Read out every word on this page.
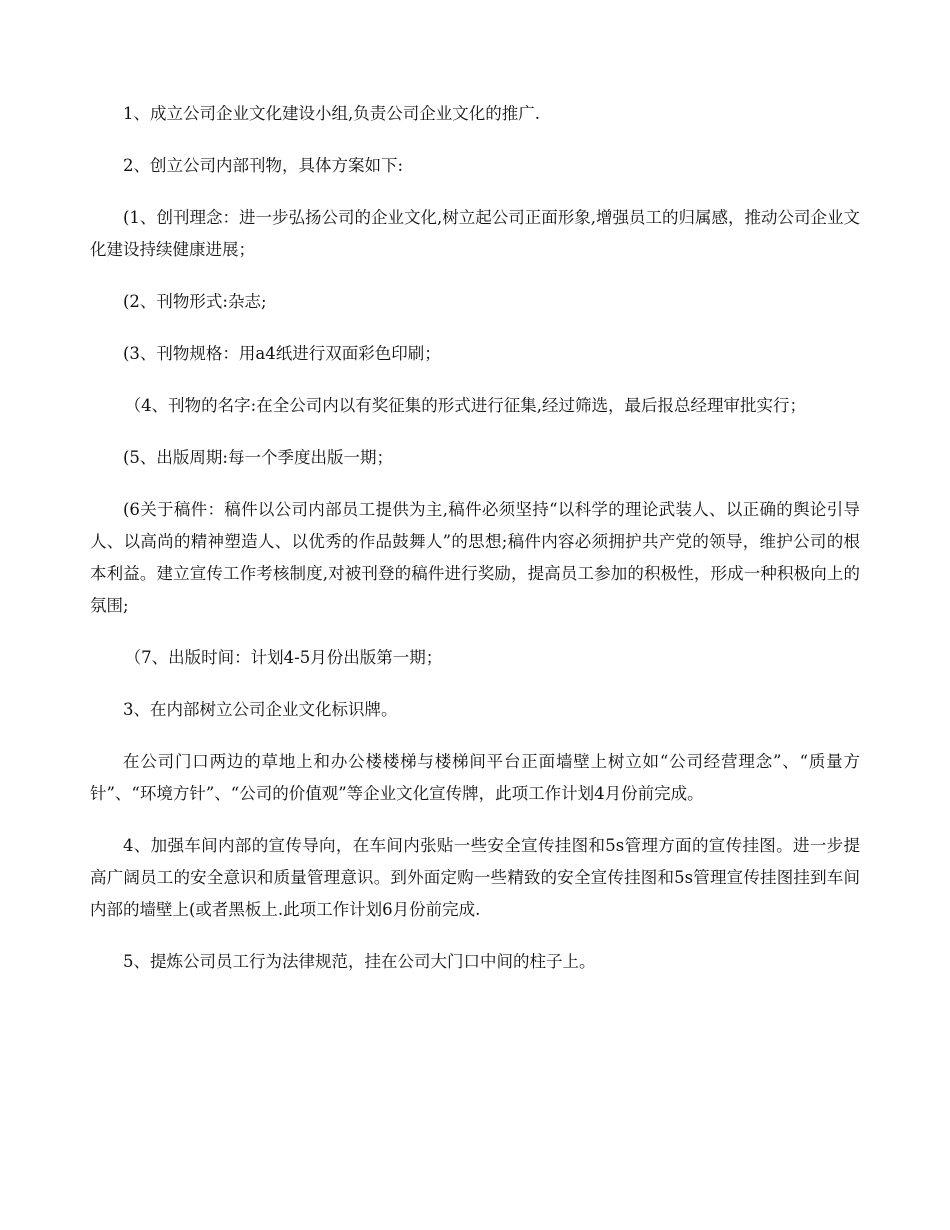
1、成立公司企业文化建设小组,负责公司企业文化的推广.

2、创立公司内部刊物，具体方案如下:

(1、创刊理念：进一步弘扬公司的企业文化,树立起公司正面形象,增强员工的归属感，推动公司企业文化建设持续健康进展；

(2、刊物形式:杂志;

(3、刊物规格：用a4纸进行双面彩色印刷；

（4、刊物的名字:在全公司内以有奖征集的形式进行征集,经过筛选，最后报总经理审批实行；

(5、出版周期:每一个季度出版一期；

(6关于稿件：稿件以公司内部员工提供为主,稿件必须坚持“以科学的理论武装人、以正确的舆论引导人、以高尚的精神塑造人、以优秀的作品鼓舞人”的思想;稿件内容必须拥护共产党的领导，维护公司的根本利益。建立宣传工作考核制度,对被刊登的稿件进行奖励，提高员工参加的积极性，形成一种积极向上的氛围;

（7、出版时间：计划4-5月份出版第一期；

3、在内部树立公司企业文化标识牌。

在公司门口两边的草地上和办公楼楼梯与楼梯间平台正面墙壁上树立如“公司经营理念”、“质量方针”、“环境方针”、“公司的价值观”等企业文化宣传牌，此项工作计划4月份前完成。

4、加强车间内部的宣传导向，在车间内张贴一些安全宣传挂图和5s管理方面的宣传挂图。进一步提高广阔员工的安全意识和质量管理意识。到外面定购一些精致的安全宣传挂图和5s管理宣传挂图挂到车间内部的墙壁上(或者黑板上.此项工作计划6月份前完成.

5、提炼公司员工行为法律规范，挂在公司大门口中间的柱子上。
